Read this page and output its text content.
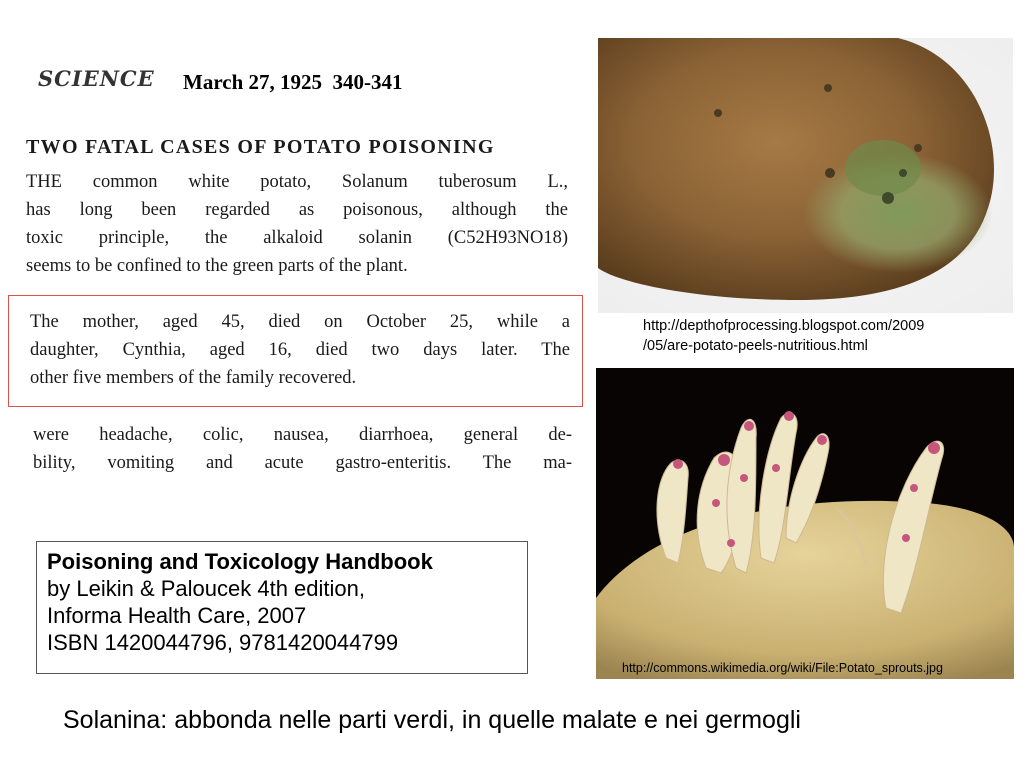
SCIENCE March 27, 1925  340-341
TWO FATAL CASES OF POTATO POISONING
THE common white potato, Solanum tuberosum L.,
has long been regarded as poisonous, although the
toxic principle, the alkaloid solanin (C52H93NO18)
seems to be confined to the green parts of the plant.
The mother, aged 45, died on October 25, while a
daughter, Cynthia, aged 16, died two days later. The
other five members of the family recovered.
were headache, colic, nausea, diarrhoea, general de-
bility, vomiting and acute gastro-enteritis. The ma-
Poisoning and Toxicology Handbook
by Leikin & Paloucek 4th edition,
Informa Health Care, 2007
ISBN 1420044796, 9781420044799
http://depthofprocessing.blogspot.com/2009
/05/are-potato-peels-nutritious.html
Solanina: abbonda nelle parti verdi, in quelle malate e nei germogli
http://commons.wikimedia.org/wiki/File:Potato_sprouts.jpg
